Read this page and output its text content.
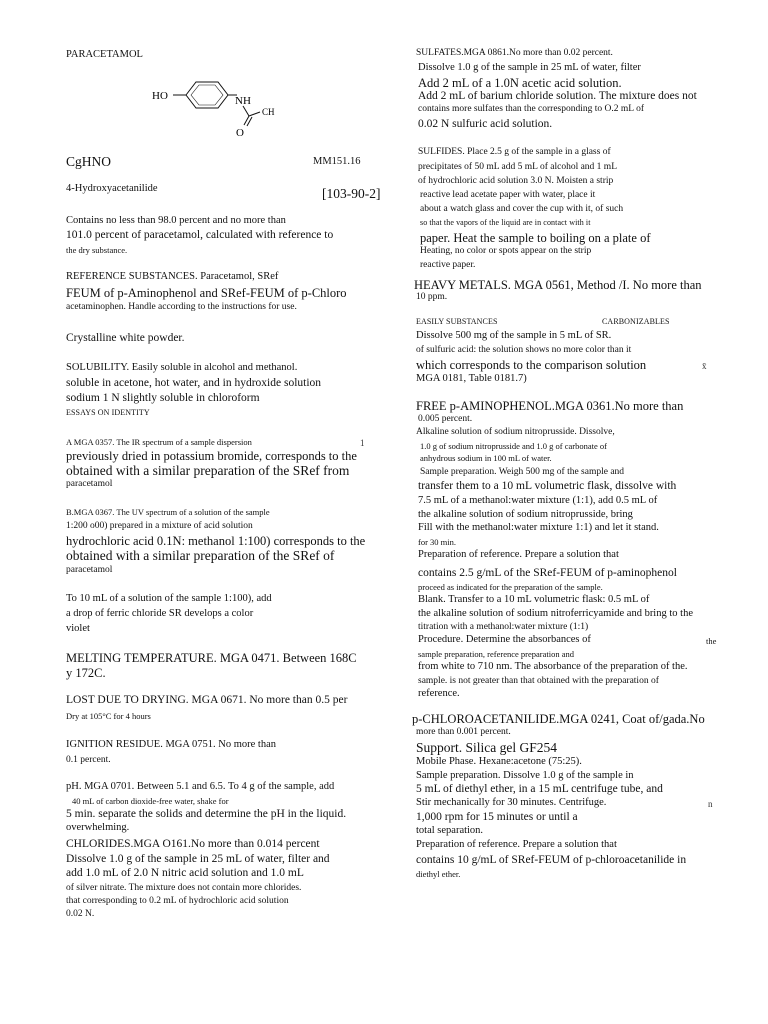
PARACETAMOL
CgHNO	MM151.16
4-Hydroxyacetanilide	[103-90-2]
Contains no less than 98.0 percent and no more than
101.0 percent of paracetamol, calculated with reference to
the dry substance.
REFERENCE SUBSTANCES. Paracetamol, SRef
FEUM of p-Aminophenol and SRef-FEUM of p-Chloro
acetaminophen. Handle according to the instructions for use.
Crystalline white powder.
SOLUBILITY. Easily soluble in alcohol and methanol.
soluble in acetone, hot water, and in hydroxide solution
sodium 1 N slightly soluble in chloroform
ESSAYS ON IDENTITY
A MGA 0357. The IR spectrum of a sample dispersion	1
previously dried in potassium bromide, corresponds to the
obtained with a similar preparation of the SRef from
paracetamol
B.MGA 0367. The UV spectrum of a solution of the sample
1:200 o00) prepared in a mixture of acid solution
hydrochloric acid 0.1N: methanol 1:100) corresponds to the
obtained with a similar preparation of the SRef of
paracetamol
To 10 mL of a solution of the sample 1:100), add
a drop of ferric chloride SR develops a color
violet
MELTING TEMPERATURE. MGA 0471. Between 168C
y 172C.
LOST DUE TO DRYING. MGA 0671. No more than 0.5 per
Dry at 105°C for 4 hours
IGNITION RESIDUE. MGA 0751. No more than
0.1 percent.
pH. MGA 0701. Between 5.1 and 6.5. To 4 g of the sample, add
40 mL of carbon dioxide-free water, shake for
5 min. separate the solids and determine the pH in the liquid.
overwhelming.
CHLORIDES.MGA O161.No more than 0.014 percent
Dissolve 1.0 g of the sample in 25 mL of water, filter and
add 1.0 mL of 2.0 N nitric acid solution and 1.0 mL
of silver nitrate. The mixture does not contain more chlorides.
that corresponding to 0.2 mL of hydrochloric acid solution
0.02 N.
HO	NH
O
CH
SULFATES.MGA 0861.No more than 0.02 percent.
Dissolve 1.0 g of the sample in 25 mL of water, filter
Add 2 mL of a 1.0N acetic acid solution.
Add 2 mL of barium chloride solution. The mixture does not
contains more sulfates than the corresponding to O.2 mL of
0.02 N sulfuric acid solution.
SULFIDES. Place 2.5 g of the sample in a glass of
precipitates of 50 mL add 5 mL of alcohol and 1 mL
of hydrochloric acid solution 3.0 N. Moisten a strip
reactive lead acetate paper with water, place it
about a watch glass and cover the cup with it, of such
so that the vapors of the liquid are in contact with it
paper. Heat the sample to boiling on a plate of
Heating, no color or spots appear on the strip
reactive paper.
HEAVY METALS. MGA 0561, Method /I. No more than
10 ppm.
EASILY SUBSTANCES	CARBONIZABLES
Dissolve 500 mg of the sample in 5 mL of SR.
of sulfuric acid: the solution shows no more color than it
which corresponds to the comparison solution	x̄
MGA 0181, Table 0181.7)
FREE p-AMINOPHENOL.MGA 0361.No more than
0.005 percent.
Alkaline solution of sodium nitroprusside. Dissolve,
1.0 g of sodium nitroprusside and 1.0 g of carbonate of
anhydrous sodium in 100 mL of water.
Sample preparation. Weigh 500 mg of the sample and
transfer them to a 10 mL volumetric flask, dissolve with
7.5 mL of a methanol:water mixture (1:1), add 0.5 mL of
the alkaline solution of sodium nitroprusside, bring
Fill with the methanol:water mixture 1:1) and let it stand.
for 30 min.
Preparation of reference. Prepare a solution that
contains 2.5 g/mL of the SRef-FEUM of p-aminophenol
proceed as indicated for the preparation of the sample.
Blank. Transfer to a 10 mL volumetric flask: 0.5 mL of
the alkaline solution of sodium nitroferricyamide and bring to the
titration with a methanol:water mixture (1:1)
Procedure. Determine the absorbances of	the
sample preparation, reference preparation and
from white to 710 nm. The absorbance of the preparation of the.
sample. is not greater than that obtained with the preparation of
reference.
p-CHLOROACETANILIDE.MGA 0241, Coat of/gada.No
more than 0.001 percent.
Support. Silica gel GF254
Mobile Phase. Hexane:acetone (75:25).
Sample preparation. Dissolve 1.0 g of the sample in
5 mL of diethyl ether, in a 15 mL centrifuge tube, and
Stir mechanically for 30 minutes. Centrifuge.	n
1,000 rpm for 15 minutes or until a
total separation.
Preparation of reference. Prepare a solution that
contains 10 g/mL of SRef-FEUM of p-chloroacetanilide in
diethyl ether.
